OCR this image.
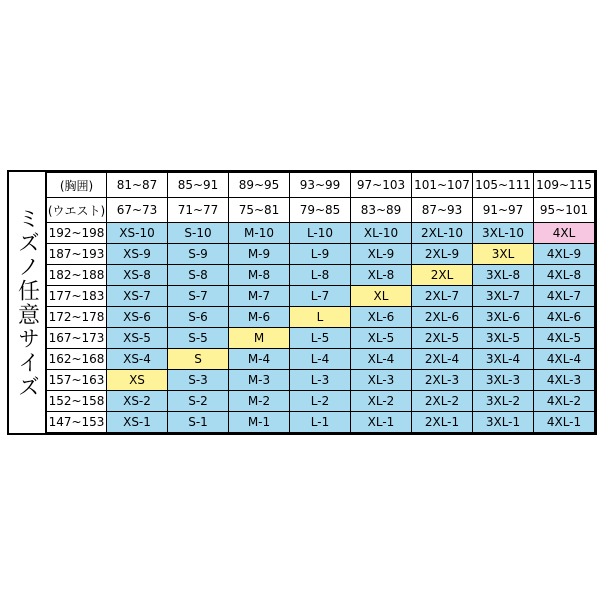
ミズノ任意サイズ
(胸囲)	81~87	85~91	89~95	93~99	97~103	101~107	105~111	109~115
(ウエスト)	67~73	71~77	75~81	79~85	83~89	87~93	91~97	95~101
192~198	XS-10	S-10	M-10	L-10	XL-10	2XL-10	3XL-10	4XL
187~193	XS-9	S-9	M-9	L-9	XL-9	2XL-9	3XL	4XL-9
182~188	XS-8	S-8	M-8	L-8	XL-8	2XL	3XL-8	4XL-8
177~183	XS-7	S-7	M-7	L-7	XL	2XL-7	3XL-7	4XL-7
172~178	XS-6	S-6	M-6	L	XL-6	2XL-6	3XL-6	4XL-6
167~173	XS-5	S-5	M	L-5	XL-5	2XL-5	3XL-5	4XL-5
162~168	XS-4	S	M-4	L-4	XL-4	2XL-4	3XL-4	4XL-4
157~163	XS	S-3	M-3	L-3	XL-3	2XL-3	3XL-3	4XL-3
152~158	XS-2	S-2	M-2	L-2	XL-2	2XL-2	3XL-2	4XL-2
147~153	XS-1	S-1	M-1	L-1	XL-1	2XL-1	3XL-1	4XL-1
